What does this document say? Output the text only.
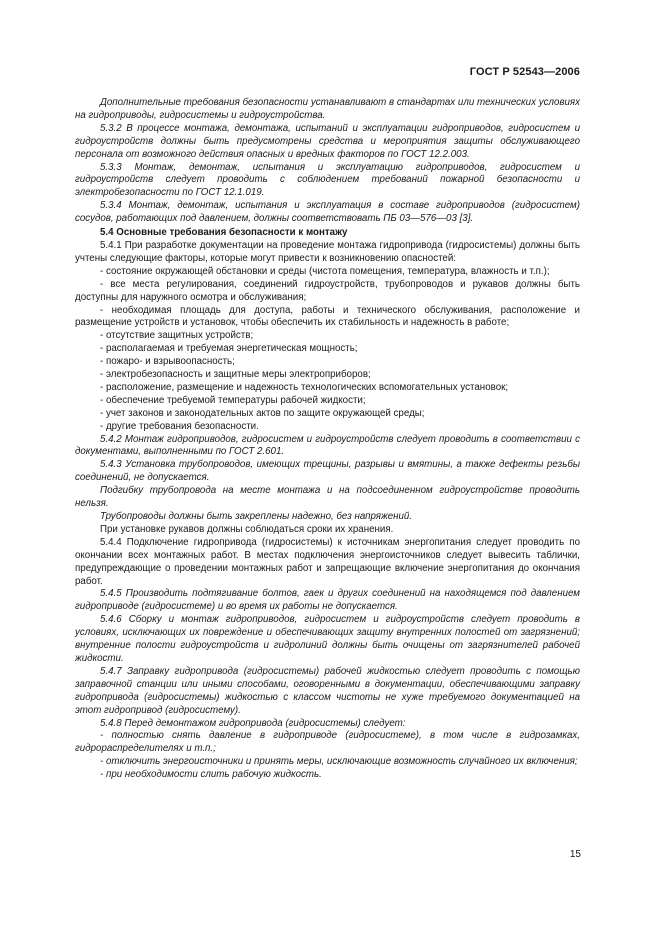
ГОСТ Р 52543—2006

Дополнительные требования безопасности устанавливают в стандартах или технических условиях на гидроприводы, гидросистемы и гидроустройства.

5.3.2 В процессе монтажа, демонтажа, испытаний и эксплуатации гидроприводов, гидросистем и гидроустройств должны быть предусмотрены средства и мероприятия защиты обслуживающего персонала от возможного действия опасных и вредных факторов по ГОСТ 12.2.003.

5.3.3 Монтаж, демонтаж, испытания и эксплуатацию гидроприводов, гидросистем и гидроустройств следует проводить с соблюдением требований пожарной безопасности и электробезопасности по ГОСТ 12.1.019.

5.3.4 Монтаж, демонтаж, испытания и эксплуатация в составе гидроприводов (гидросистем) сосудов, работающих под давлением, должны соответствовать ПБ 03—576—03 [3].

5.4 Основные требования безопасности к монтажу

5.4.1 При разработке документации на проведение монтажа гидропривода (гидросистемы) должны быть учтены следующие факторы, которые могут привести к возникновению опасностей:

- состояние окружающей обстановки и среды (чистота помещения, температура, влажность и т.п.);

- все места регулирования, соединений гидроустройств, трубопроводов и рукавов должны быть доступны для наружного осмотра и обслуживания;

- необходимая площадь для доступа, работы и технического обслуживания, расположение и размещение устройств и установок, чтобы обеспечить их стабильность и надежность в работе;

- отсутствие защитных устройств;

- располагаемая и требуемая энергетическая мощность;

- пожаро- и взрывоопасность;

- электробезопасность и защитные меры электроприборов;

- расположение, размещение и надежность технологических вспомогательных установок;

- обеспечение требуемой температуры рабочей жидкости;

- учет законов и законодательных актов по защите окружающей среды;

- другие требования безопасности.

5.4.2 Монтаж гидроприводов, гидросистем и гидроустройств следует проводить в соответствии с документами, выполненными по ГОСТ 2.601.

5.4.3 Установка трубопроводов, имеющих трещины, разрывы и вмятины, а также дефекты резьбы соединений, не допускается.

Подгибку трубопровода на месте монтажа и на подсоединенном гидроустройстве проводить нельзя.

Трубопроводы должны быть закреплены надежно, без напряжений.

При установке рукавов должны соблюдаться сроки их хранения.

5.4.4 Подключение гидропривода (гидросистемы) к источникам энергопитания следует проводить по окончании всех монтажных работ. В местах подключения энергоисточников следует вывесить таблички, предупреждающие о проведении монтажных работ и запрещающие включение энергопитания до окончания работ.

5.4.5 Производить подтягивание болтов, гаек и других соединений на находящемся под давлением гидроприводе (гидросистеме) и во время их работы не допускается.

5.4.6 Сборку и монтаж гидроприводов, гидросистем и гидроустройств следует проводить в условиях, исключающих их повреждение и обеспечивающих защиту внутренних полостей от загрязнений; внутренние полости гидроустройств и гидролиний должны быть очищены от загрязнителей рабочей жидкости.

5.4.7 Заправку гидропривода (гидросистемы) рабочей жидкостью следует проводить с помощью заправочной станции или иными способами, оговоренными в документации, обеспечивающими заправку гидропривода (гидросистемы) жидкостью с классом чистоты не хуже требуемого документацией на этот гидропривод (гидросистему).

5.4.8 Перед демонтажом гидропривода (гидросистемы) следует:

- полностью снять давление в гидроприводе (гидросистеме), в том числе в гидрозамках, гидрораспределителях и т.п.;

- отключить энергоисточники и принять меры, исключающие возможность случайного их включения;

- при необходимости слить рабочую жидкость.

15
